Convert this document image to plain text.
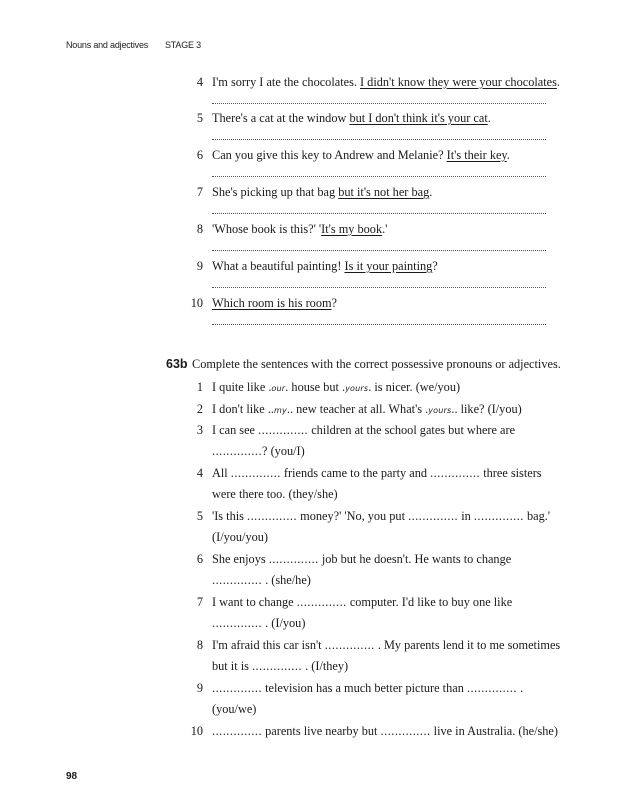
Nouns and adjectives STAGE 3
4 I'm sorry I ate the chocolates. I didn't know they were your chocolates.
5 There's a cat at the window but I don't think it's your cat.
6 Can you give this key to Andrew and Melanie? It's their key.
7 She's picking up that bag but it's not her bag.
8 'Whose book is this?' 'It's my book.'
9 What a beautiful painting! Is it your painting?
10 Which room is his room?
63b Complete the sentences with the correct possessive pronouns or adjectives.
1 I quite like .our. house but .yours. is nicer. (we/you)
2 I don't like ..my.. new teacher at all. What's .yours.. like? (I/you)
3 I can see .............. children at the school gates but where are
..............? (you/I)
4 All .............. friends came to the party and .............. three sisters
were there too. (they/she)
5 'Is this .............. money?' 'No, you put .............. in .............. bag.'
(I/you/you)
6 She enjoys .............. job but he doesn't. He wants to change
.............. . (she/he)
7 I want to change .............. computer. I'd like to buy one like
.............. . (I/you)
8 I'm afraid this car isn't .............. . My parents lend it to me sometimes
but it is .............. . (I/they)
9 .............. television has a much better picture than .............. .
(you/we)
10 .............. parents live nearby but .............. live in Australia. (he/she)
98
